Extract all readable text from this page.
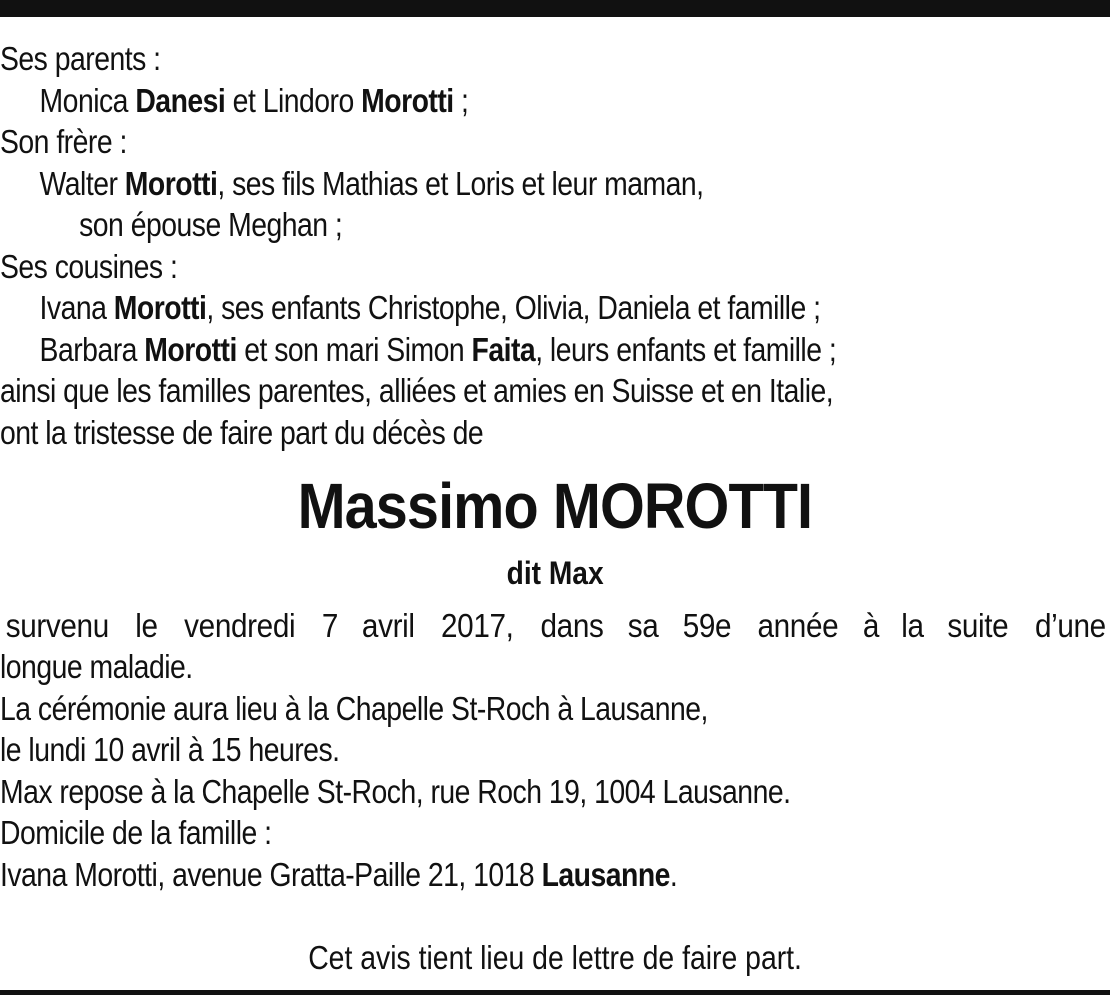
Ses parents :
Monica Danesi et Lindoro Morotti ;
Son frère :
Walter Morotti, ses fils Mathias et Loris et leur maman,
son épouse Meghan ;
Ses cousines :
Ivana Morotti, ses enfants Christophe, Olivia, Daniela et famille ;
Barbara Morotti et son mari Simon Faita, leurs enfants et famille ;
ainsi que les familles parentes, alliées et amies en Suisse et en Italie,
ont la tristesse de faire part du décès de
Massimo MOROTTI
dit Max
survenu le vendredi 7 avril 2017, dans sa 59e année à la suite d’une
longue maladie.
La cérémonie aura lieu à la Chapelle St-Roch à Lausanne,
le lundi 10 avril à 15 heures.
Max repose à la Chapelle St-Roch, rue Roch 19, 1004 Lausanne.
Domicile de la famille :
Ivana Morotti, avenue Gratta-Paille 21, 1018 Lausanne.
Cet avis tient lieu de lettre de faire part.
